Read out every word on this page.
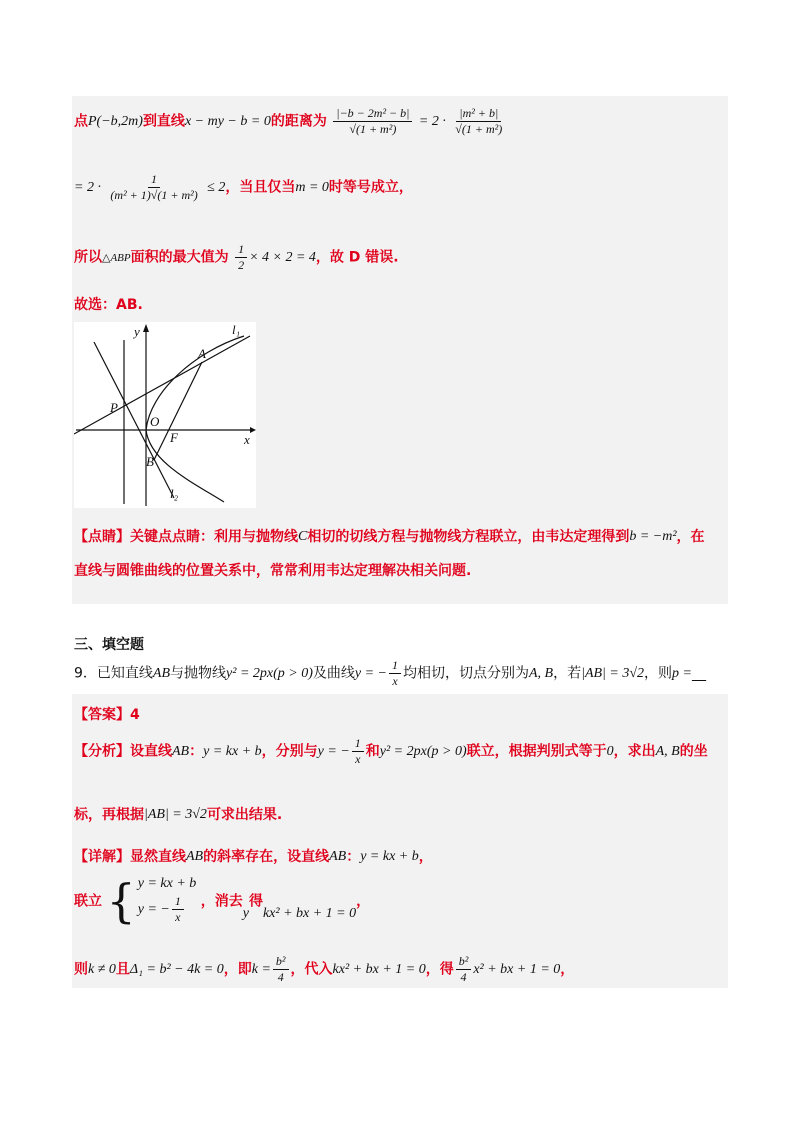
点P(−b,2m)到直线x − my − b = 0的距离为 $\frac{\text{|−b − 2m² − b|}}{\text{√(1 + m²)}} = 2 \cdot \frac{\text{|m² + b|}}{\text{√(1 + m²)}}$
= $2 \cdot \frac{1}{\text{(m² + 1)√(1 + m²)}} \le 2$，当且仅当m = 0时等号成立，
所以△ABP面积的最大值为 $\frac{1}{2} \times 4 \times 2 = 4$，故 D 错误.
故选：AB.
y
x
l₁
l₂
A
B
P
O
F
【点睛】关键点点睛：利用与抛物线C相切的切线方程与抛物线方程联立，由韦达定理得到b = −m²，在
直线与圆锥曲线的位置关系中，常常利用韦达定理解决相关问题.
三、填空题
9．已知直线AB与抛物线y² = 2px(p > 0)及曲线y = − $\frac{1}{x}$ 均相切，切点分别为A, B，若|AB| = 3√2，则p =__
【答案】4
【分析】设直线AB：y = kx + b，分别与y = − $\frac{1}{x}$ 和y² = 2px(p > 0)联立，根据判别式等于0，求出A, B的坐
标，再根据|AB| = 3√2可求出结果.
【详解】显然直线AB的斜率存在，设直线AB：y = kx + b，
联立 { y = kx + b
y = − $\frac{1}{x}$ ，消去y得kx² + bx + 1 = 0，
则k ≠ 0且Δ₁ = b² − 4k = 0，即$k = \frac{\text{b²}}{4}$ ，代入kx² + bx + 1 = 0，得 $\frac{\text{b²}}{4} x^2$ + bx + 1 = 0，
